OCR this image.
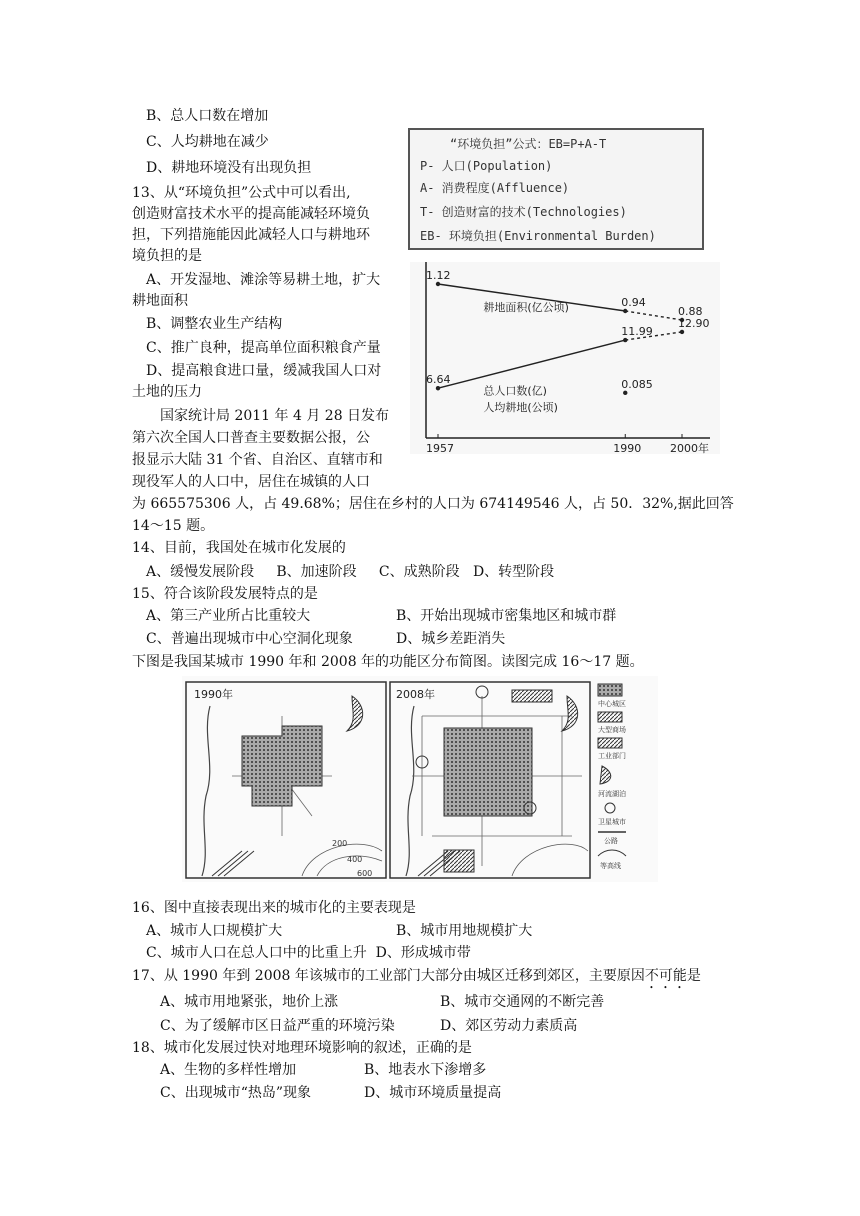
B、总人口数在增加
C、人均耕地在减少
D、耕地环境没有出现负担
13、从“环境负担”公式中可以看出,
创造财富技术水平的提高能减轻环境负
担，下列措施能因此减轻人口与耕地环
境负担的是
A、开发湿地、滩涂等易耕土地，扩大
耕地面积
B、调整农业生产结构
C、推广良种，提高单位面积粮食产量
D、提高粮食进口量，缓减我国人口对
土地的压力
国家统计局 2011 年 4 月 28 日发布
第六次全国人口普查主要数据公报，公
报显示大陆 31 个省、自治区、直辖市和
现役军人的人口中，居住在城镇的人口
为 665575306 人，占 49.68%；居住在乡村的人口为 674149546 人，占 50．32%,据此回答
14～15 题。
14、目前，我国处在城市化发展的
A、缓慢发展阶段     B、加速阶段     C、成熟阶段   D、转型阶段
15、符合该阶段发展特点的是
A、第三产业所占比重较大	B、开始出现城市密集地区和城市群
C、普遍出现城市中心空洞化现象	D、城乡差距消失
下图是我国某城市 1990 年和 2008 年的功能区分布简图。读图完成 16～17 题。
16、图中直接表现出来的城市化的主要表现是
A、城市人口规模扩大	B、城市用地规模扩大
C、城市人口在总人口中的比重上升  D、形成城市带
17、从 1990 年到 2008 年该城市的工业部门大部分由城区迁移到郊区，主要原因不可能是
A、城市用地紧张，地价上涨	B、城市交通网的不断完善
C、为了缓解市区日益严重的环境污染	D、郊区劳动力素质高
18、城市化发展过快对地理环境影响的叙述，正确的是
A、生物的多样性增加	B、地表水下渗增多
C、出现城市“热岛”现象	D、城市环境质量提高
“环境负担”公式：EB=P+A-T
P- 人口(Population)
A- 消费程度(Affluence)
T- 创造财富的技术(Technologies)
EB- 环境负担(Environmental Burden)
1.12
0.94
0.88
耕地面积(亿公顷)
6.64
11.99
12.90
总人口数(亿)	0.085
人均耕地(公顷)
1957	1990	2000年
1990年
200
400
600
2008年
中心城区
大型商场
工业部门
河流湖泊
卫星城市
公路
等高线
